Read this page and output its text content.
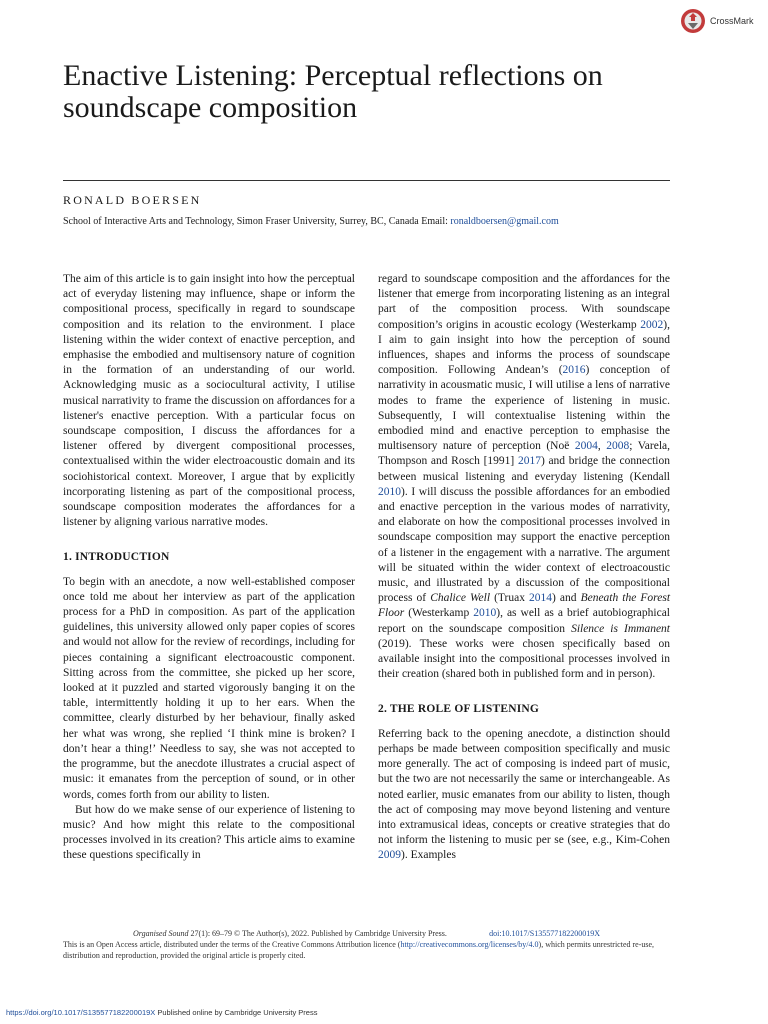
CrossMark
Enactive Listening: Perceptual reflections on soundscape composition
RONALD BOERSEN
School of Interactive Arts and Technology, Simon Fraser University, Surrey, BC, Canada Email: ronaldboersen@gmail.com

The aim of this article is to gain insight into how the perceptual act of everyday listening may influence, shape or inform the compositional process, specifically in regard to soundscape composition and its relation to the environment. I place listening within the wider context of enactive perception, and emphasise the embodied and multisensory nature of cognition in the formation of an understanding of our world. Acknowledging music as a sociocultural activity, I utilise musical narrativity to frame the discussion on affordances for a listener's enactive perception. With a particular focus on soundscape composition, I discuss the affordances for a listener offered by divergent compositional processes, contextualised within the wider electroacoustic domain and its sociohistorical context. Moreover, I argue that by explicitly incorporating listening as part of the compositional process, soundscape composition moderates the affordances for a listener by aligning various narrative modes.

1. INTRODUCTION

To begin with an anecdote, a now well-established composer once told me about her interview as part of the application process for a PhD in composition. As part of the application guidelines, this university allowed only paper copies of scores and would not allow for the review of recordings, including for pieces containing a significant electroacoustic component. Sitting across from the committee, she picked up her score, looked at it puzzled and started vigorously banging it on the table, intermittently holding it up to her ears. When the committee, clearly disturbed by her behaviour, finally asked her what was wrong, she replied ‘I think mine is broken? I don’t hear a thing!’ Needless to say, she was not accepted to the programme, but the anecdote illustrates a crucial aspect of music: it emanates from the perception of sound, or in other words, comes forth from our ability to listen.

But how do we make sense of our experience of listening to music? And how might this relate to the compositional processes involved in its creation? This article aims to examine these questions specifically in

regard to soundscape composition and the affordances for the listener that emerge from incorporating listening as an integral part of the composition process. With soundscape composition’s origins in acoustic ecology (Westerkamp 2002), I aim to gain insight into how the perception of sound influences, shapes and informs the process of soundscape composition. Following Andean’s (2016) conception of narrativity in acousmatic music, I will utilise a lens of narrative modes to frame the experience of listening in music. Subsequently, I will contextualise listening within the embodied mind and enactive perception to emphasise the multisensory nature of perception (Noë 2004, 2008; Varela, Thompson and Rosch [1991] 2017) and bridge the connection between musical listening and everyday listening (Kendall 2010). I will discuss the possible affordances for an embodied and enactive perception in the various modes of narrativity, and elaborate on how the compositional processes involved in soundscape composition may support the enactive perception of a listener in the engagement with a narrative. The argument will be situated within the wider context of electroacoustic music, and illustrated by a discussion of the compositional process of Chalice Well (Truax 2014) and Beneath the Forest Floor (Westerkamp 2010), as well as a brief autobiographical report on the soundscape composition Silence is Immanent (2019). These works were chosen specifically based on available insight into the compositional processes involved in their creation (shared both in published form and in person).

2. THE ROLE OF LISTENING

Referring back to the opening anecdote, a distinction should perhaps be made between composition specifically and music more generally. The act of composing is indeed part of music, but the two are not necessarily the same or interchangeable. As noted earlier, music emanates from our ability to listen, though the act of composing may move beyond listening and venture into extramusical ideas, concepts or creative strategies that do not inform the listening to music per se (see, e.g., Kim-Cohen 2009). Examples

Organised Sound 27(1): 69–79 © The Author(s), 2022. Published by Cambridge University Press.	doi:10.1017/S135577182200019X
This is an Open Access article, distributed under the terms of the Creative Commons Attribution licence (http://creativecommons.org/licenses/by/4.0), which permits unrestricted re-use, distribution and reproduction, provided the original article is properly cited.
https://doi.org/10.1017/S135577182200019X Published online by Cambridge University Press
